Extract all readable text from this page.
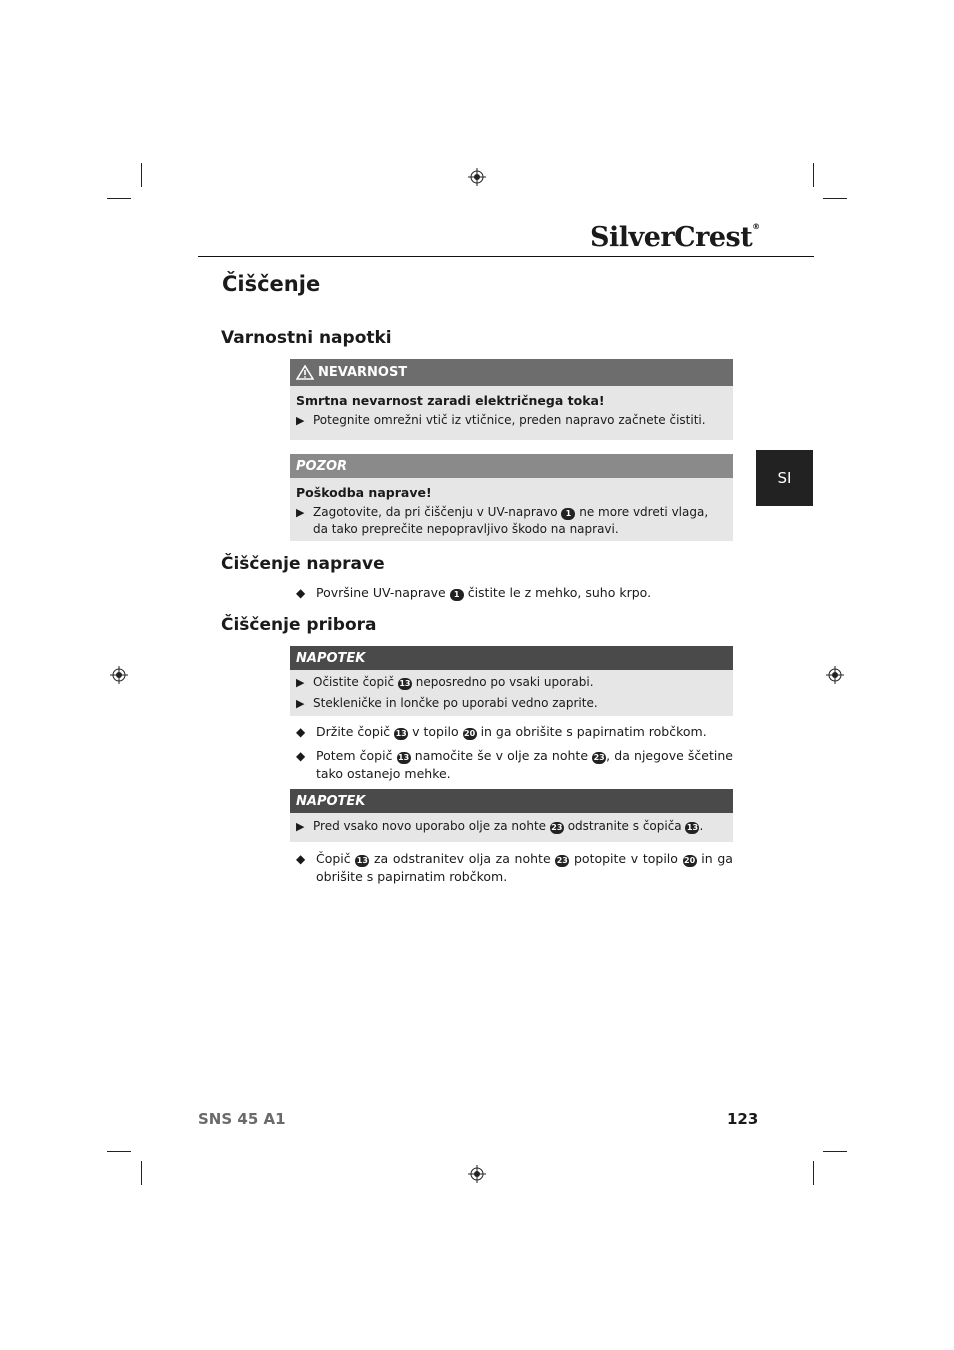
SilverCrest®
SI
Čiščenje
Varnostni napotki
NEVARNOST
Smrtna nevarnost zaradi električnega toka!
▶ Potegnite omrežni vtič iz vtičnice, preden napravo začnete čistiti.
POZOR
Poškodba naprave!
▶ Zagotovite, da pri čiščenju v UV-napravo 1 ne more vdreti vlaga, da tako preprečite nepopravljivo škodo na napravi.
Čiščenje naprave
◆ Površine UV-naprave 1 čistite le z mehko, suho krpo.
Čiščenje pribora
NAPOTEK
▶ Očistite čopič 13 neposredno po vsaki uporabi.
▶ Stekleničke in lončke po uporabi vedno zaprite.
◆ Držite čopič 13 v topilo 20 in ga obrišite s papirnatim robčkom.
◆ Potem čopič 13 namočite še v olje za nohte 23, da njegove ščetine tako ostanejo mehke.
NAPOTEK
▶ Pred vsako novo uporabo olje za nohte 23 odstranite s čopiča 13.
◆ Čopič 13 za odstranitev olja za nohte 23 potopite v topilo 20 in ga obrišite s papirnatim robčkom.
SNS 45 A1	123
